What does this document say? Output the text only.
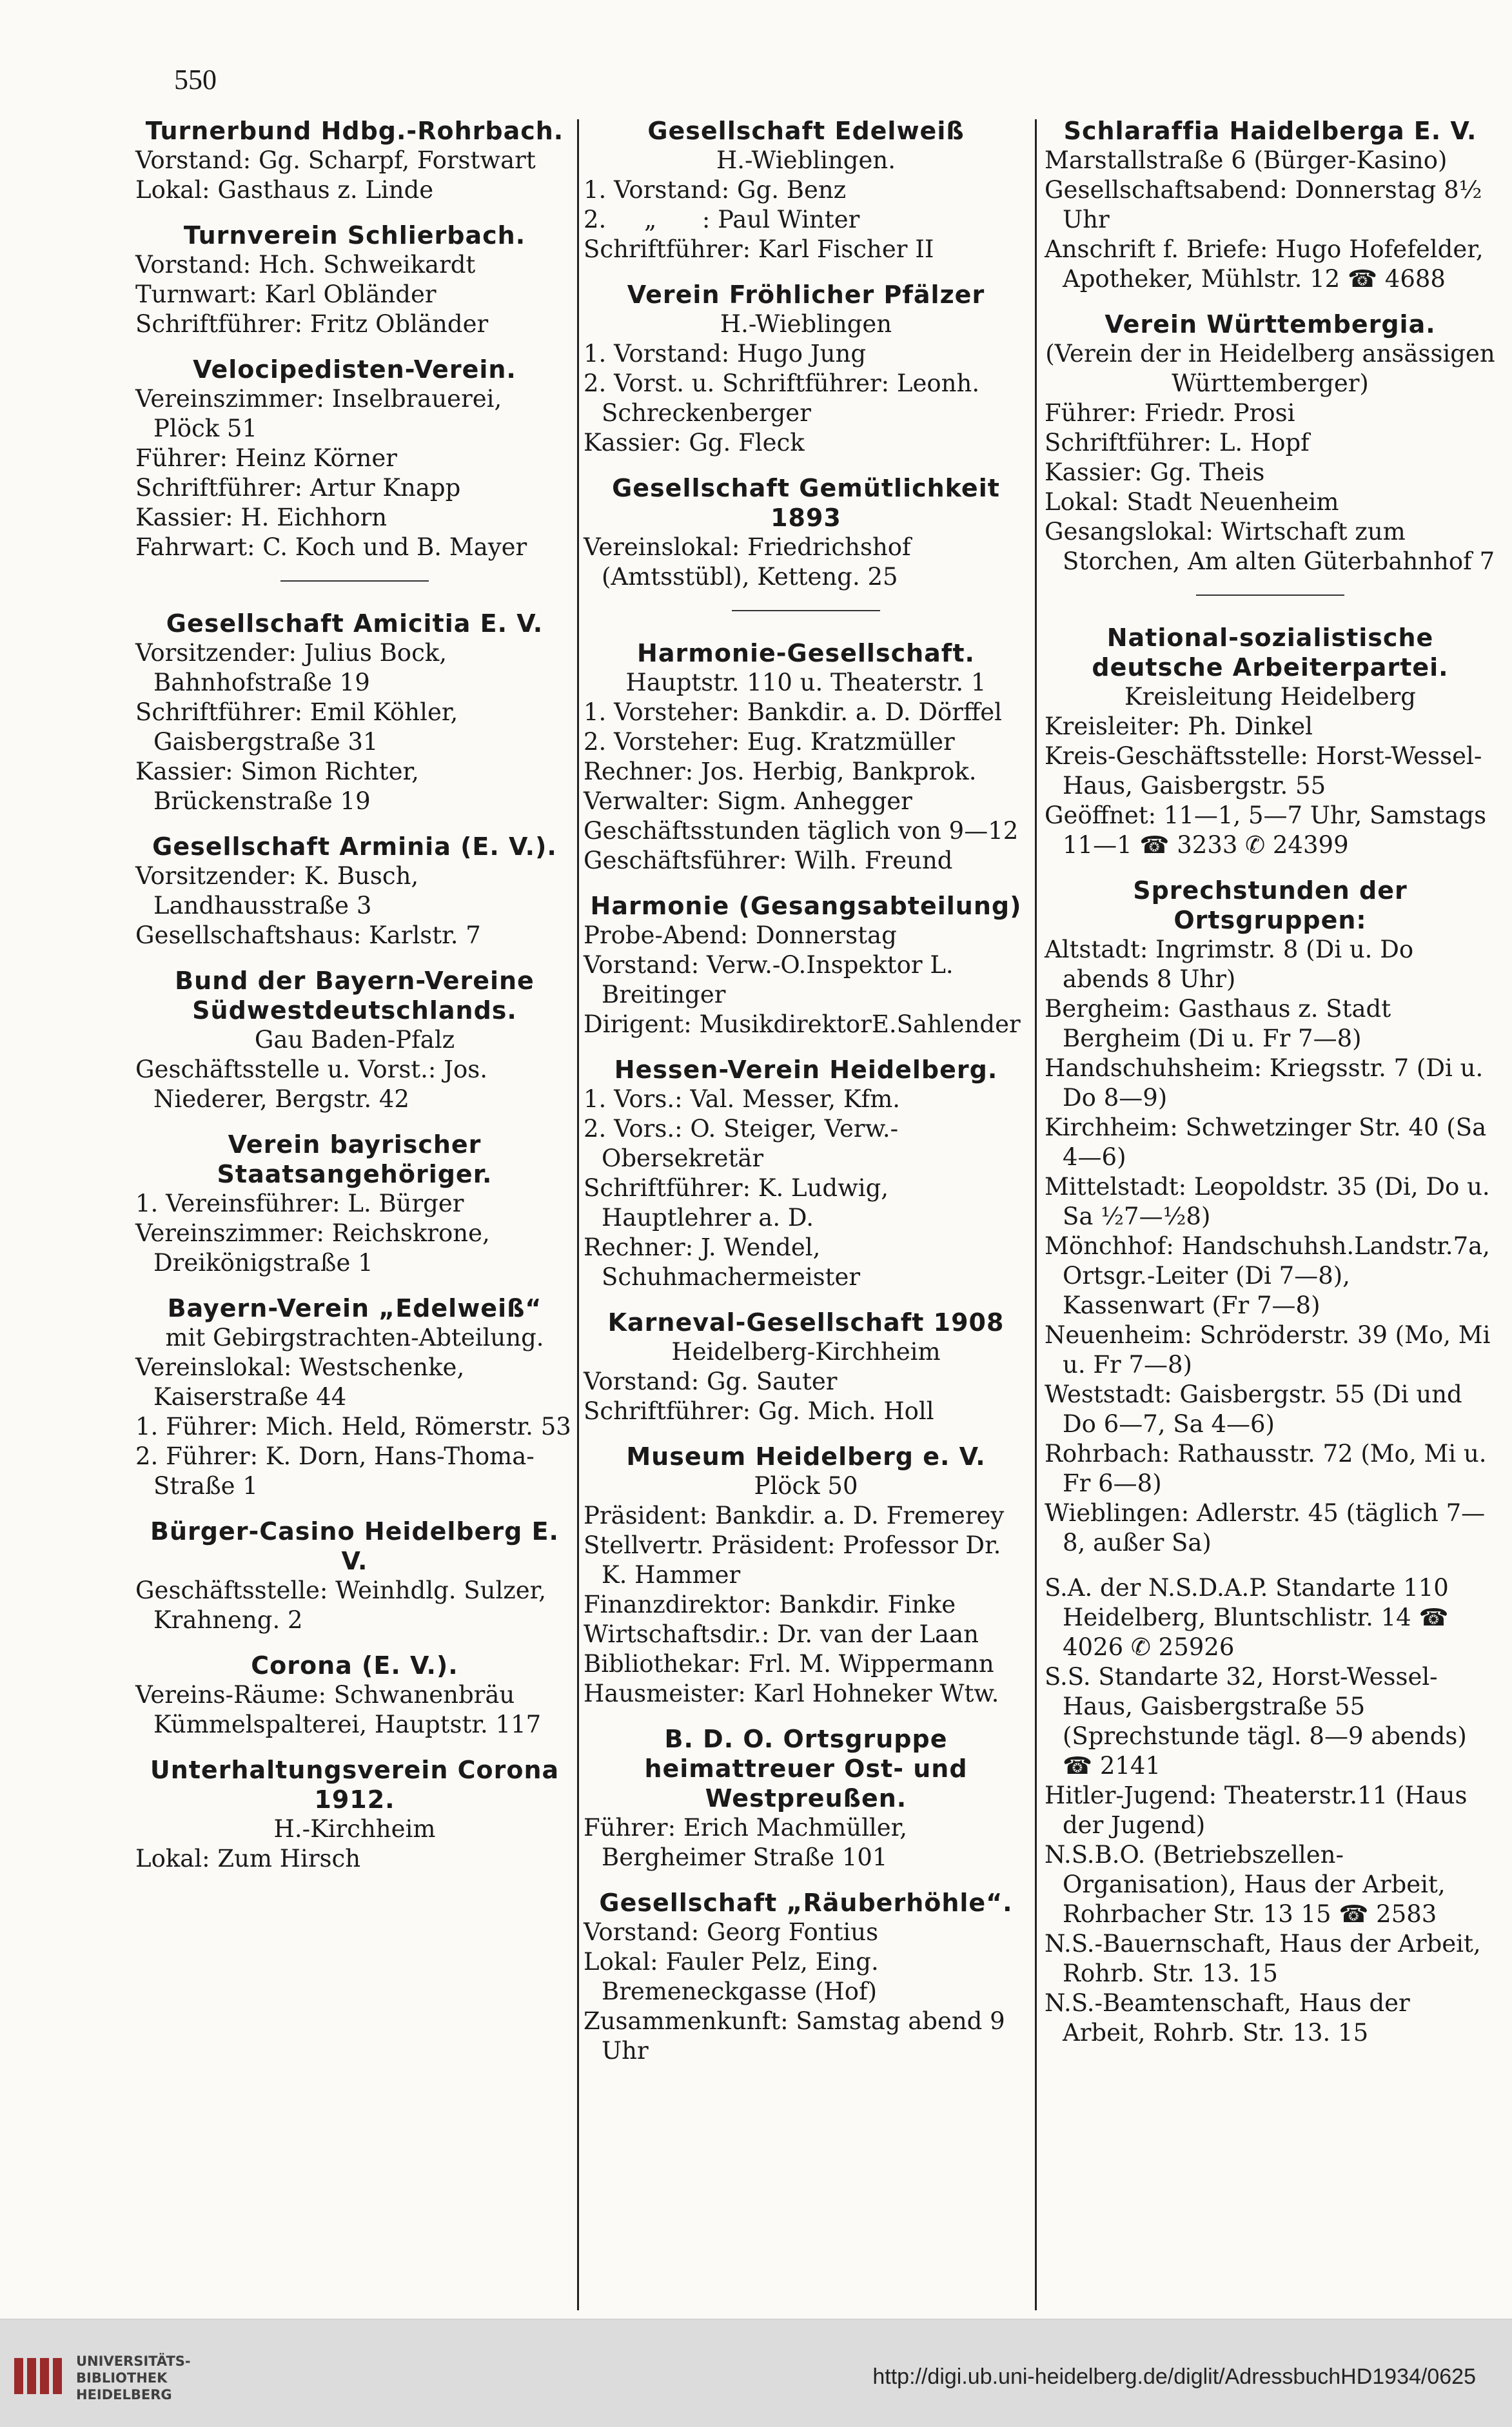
550
Turnerbund Hdbg.-Rohrbach.
Vorstand: Gg. Scharpf, Forstwart
Lokal: Gasthaus z. Linde
Turnverein Schlierbach.
Vorstand: Hch. Schweikardt
Turnwart: Karl Obländer
Schriftführer: Fritz Obländer
Velocipedisten-Verein.
Vereinszimmer: Inselbrauerei, Plöck 51
Führer: Heinz Körner
Schriftführer: Artur Knapp
Kassier: H. Eichhorn
Fahrwart: C. Koch und B. Mayer
Gesellschaft Amicitia E. V.
Vorsitzender: Julius Bock, Bahnhofstraße 19
Schriftführer: Emil Köhler, Gaisbergstraße 31
Kassier: Simon Richter, Brückenstraße 19
Gesellschaft Arminia (E. V.).
Vorsitzender: K. Busch, Landhausstraße 3
Gesellschaftshaus: Karlstr. 7
Bund der Bayern-Vereine Südwestdeutschlands.
Gau Baden-Pfalz
Geschäftsstelle u. Vorst.: Jos. Niederer, Bergstr. 42
Verein bayrischer Staatsangehöriger.
1. Vereinsführer: L. Bürger
Vereinszimmer: Reichskrone, Dreikönigstraße 1
Bayern-Verein „Edelweiß“
mit Gebirgstrachten-Abteilung.
Vereinslokal: Westschenke, Kaiserstraße 44
1. Führer: Mich. Held, Römerstr. 53
2. Führer: K. Dorn, Hans-Thoma-Straße 1
Bürger-Casino Heidelberg E. V.
Geschäftsstelle: Weinhdlg. Sulzer, Krahneng. 2
Corona (E. V.).
Vereins-Räume: Schwanenbräu Kümmelspalterei, Hauptstr. 117
Unterhaltungsverein Corona 1912.
H.-Kirchheim
Lokal: Zum Hirsch
Gesellschaft Edelweiß
H.-Wieblingen.
1. Vorstand: Gg. Benz
2.     „      : Paul Winter
Schriftführer: Karl Fischer II
Verein Fröhlicher Pfälzer
H.-Wieblingen
1. Vorstand: Hugo Jung
2. Vorst. u. Schriftführer: Leonh. Schreckenberger
Kassier: Gg. Fleck
Gesellschaft Gemütlichkeit 1893
Vereinslokal: Friedrichshof (Amtsstübl), Ketteng. 25
Harmonie-Gesellschaft.
Hauptstr. 110 u. Theaterstr. 1
1. Vorsteher: Bankdir. a. D. Dörffel
2. Vorsteher: Eug. Kratzmüller
Rechner: Jos. Herbig, Bankprok.
Verwalter: Sigm. Anhegger
Geschäftsstunden täglich von 9—12
Geschäftsführer: Wilh. Freund
Harmonie (Gesangsabteilung)
Probe-Abend: Donnerstag
Vorstand: Verw.-O.Inspektor L. Breitinger
Dirigent: MusikdirektorE.Sahlender
Hessen-Verein Heidelberg.
1. Vors.: Val. Messer, Kfm.
2. Vors.: O. Steiger, Verw.-Obersekretär
Schriftführer: K. Ludwig, Hauptlehrer a. D.
Rechner: J. Wendel, Schuhmachermeister
Karneval-Gesellschaft 1908
Heidelberg-Kirchheim
Vorstand: Gg. Sauter
Schriftführer: Gg. Mich. Holl
Museum Heidelberg e. V.
Plöck 50
Präsident: Bankdir. a. D. Fremerey
Stellvertr. Präsident: Professor Dr. K. Hammer
Finanzdirektor: Bankdir. Finke
Wirtschaftsdir.: Dr. van der Laan
Bibliothekar: Frl. M. Wippermann
Hausmeister: Karl Hohneker Wtw.
B. D. O. Ortsgruppe heimattreuer Ost- und Westpreußen.
Führer: Erich Machmüller, Bergheimer Straße 101
Gesellschaft „Räuberhöhle“.
Vorstand: Georg Fontius
Lokal: Fauler Pelz, Eing. Bremeneckgasse (Hof)
Zusammenkunft: Samstag abend 9 Uhr
Schlaraffia Haidelberga E. V.
Marstallstraße 6 (Bürger-Kasino)
Gesellschaftsabend: Donnerstag 8½ Uhr
Anschrift f. Briefe: Hugo Hofefelder, Apotheker, Mühlstr. 12 ☎ 4688
Verein Württembergia.
(Verein der in Heidelberg ansässigen Württemberger)
Führer: Friedr. Prosi
Schriftführer: L. Hopf
Kassier: Gg. Theis
Lokal: Stadt Neuenheim
Gesangslokal: Wirtschaft zum Storchen, Am alten Güterbahnhof 7
National-sozialistische deutsche Arbeiterpartei.
Kreisleitung Heidelberg
Kreisleiter: Ph. Dinkel
Kreis-Geschäftsstelle: Horst-Wessel-Haus, Gaisbergstr. 55
Geöffnet: 11—1, 5—7 Uhr, Samstags 11—1 ☎ 3233 ✆ 24399
Sprechstunden der Ortsgruppen:
Altstadt: Ingrimstr. 8 (Di u. Do abends 8 Uhr)
Bergheim: Gasthaus z. Stadt Bergheim (Di u. Fr 7—8)
Handschuhsheim: Kriegsstr. 7 (Di u. Do 8—9)
Kirchheim: Schwetzinger Str. 40 (Sa 4—6)
Mittelstadt: Leopoldstr. 35 (Di, Do u. Sa ½7—½8)
Mönchhof: Handschuhsh.Landstr.7a, Ortsgr.-Leiter (Di 7—8), Kassenwart (Fr 7—8)
Neuenheim: Schröderstr. 39 (Mo, Mi u. Fr 7—8)
Weststadt: Gaisbergstr. 55 (Di und Do 6—7, Sa 4—6)
Rohrbach: Rathausstr. 72 (Mo, Mi u. Fr 6—8)
Wieblingen: Adlerstr. 45 (täglich 7—8, außer Sa)
S.A. der N.S.D.A.P. Standarte 110 Heidelberg, Bluntschlistr. 14 ☎ 4026 ✆ 25926
S.S. Standarte 32, Horst-Wessel-Haus, Gaisbergstraße 55 (Sprechstunde tägl. 8—9 abends) ☎ 2141
Hitler-Jugend: Theaterstr.11 (Haus der Jugend)
N.S.B.O. (Betriebszellen-Organisation), Haus der Arbeit, Rohrbacher Str. 13 15 ☎ 2583
N.S.-Bauernschaft, Haus der Arbeit, Rohrb. Str. 13. 15
N.S.-Beamtenschaft, Haus der Arbeit, Rohrb. Str. 13. 15
UNIVERSITÄTS-
BIBLIOTHEK
HEIDELBERG
http://digi.ub.uni-heidelberg.de/diglit/AdressbuchHD1934/0625
